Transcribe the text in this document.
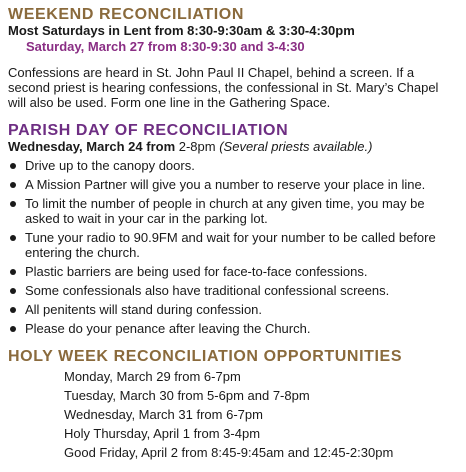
WEEKEND RECONCILIATION

Most Saturdays in Lent from 8:30-9:30am & 3:30-4:30pm

Saturday, March 27 from 8:30-9:30 and 3-4:30

Confessions are heard in St. John Paul II Chapel, behind a screen. If a second priest is hearing confessions, the confessional in St. Mary’s Chapel will also be used. Form one line in the Gathering Space.

PARISH DAY OF RECONCILIATION

Wednesday, March 24 from 2-8pm (Several priests available.)

Drive up to the canopy doors.
A Mission Partner will give you a number to reserve your place in line.
To limit the number of people in church at any given time, you may be asked to wait in your car in the parking lot.
Tune your radio to 90.9FM and wait for your number to be called before entering the church.
Plastic barriers are being used for face-to-face confessions.
Some confessionals also have traditional confessional screens.
All penitents will stand during confession.
Please do your penance after leaving the Church.
HOLY WEEK RECONCILIATION OPPORTUNITIES
Monday, March 29 from 6-7pm
Tuesday, March 30 from 5-6pm and 7-8pm
Wednesday, March 31 from 6-7pm
Holy Thursday, April 1 from 3-4pm
Good Friday, April 2 from 8:45-9:45am and 12:45-2:30pm
